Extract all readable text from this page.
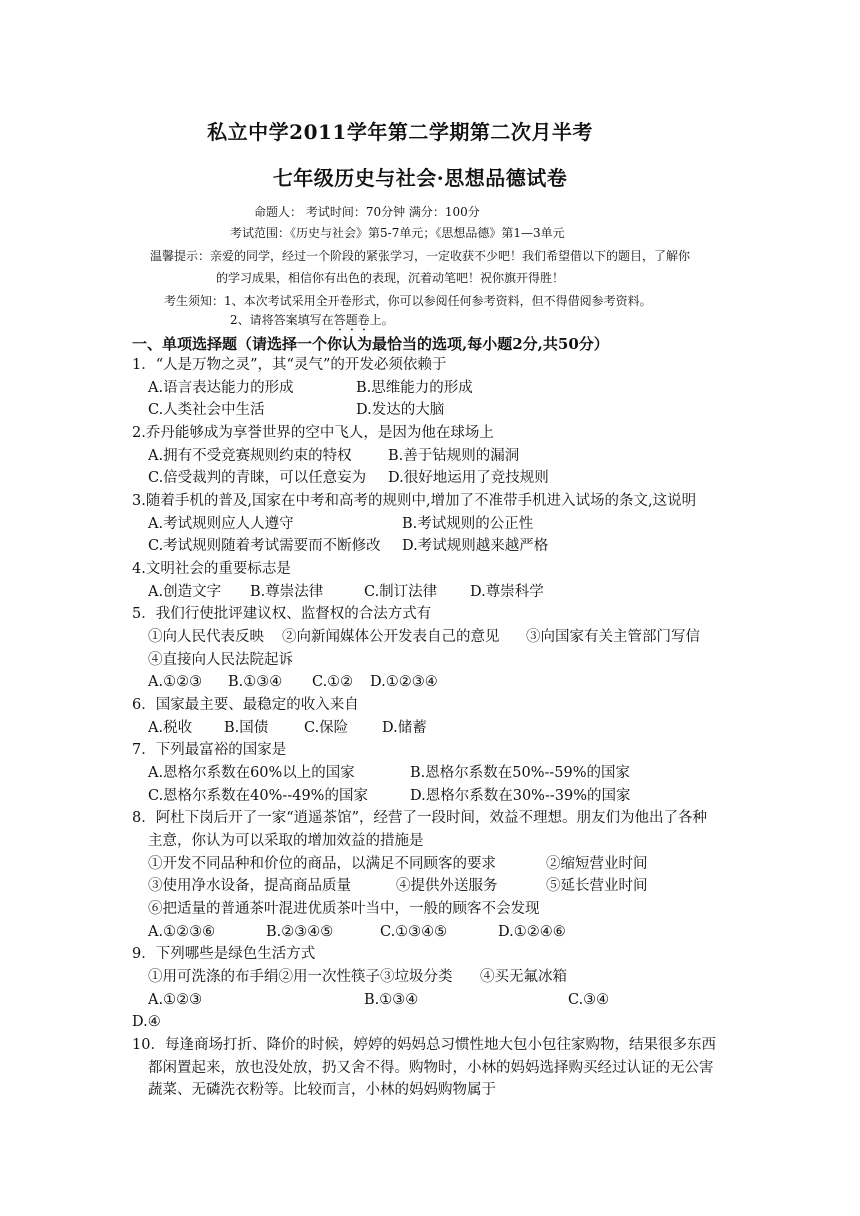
私立中学2011学年第二学期第二次月半考
七年级历史与社会·思想品德试卷
命题人： 考试时间：70分钟 满分：100分
考试范围：《历史与社会》第5-7单元；《思想品德》第1—3单元
温馨提示：亲爱的同学，经过一个阶段的紧张学习，一定收获不少吧！我们希望借以下的题目，了解你
的学习成果，相信你有出色的表现，沉着动笔吧！祝你旗开得胜！
考生须知：1、本次考试采用全开卷形式，你可以参阅任何参考资料，但不得借阅参考资料。
2、请将答案填写在答题卷上。
一、单项选择题（请选择一个你认为最恰当的选项,每小题2分,共50分）
1．“人是万物之灵”，其“灵气”的开发必须依赖于
A.语言表达能力的形成	B.思维能力的形成
C.人类社会中生活	D.发达的大脑
2.乔丹能够成为享誉世界的空中飞人，是因为他在球场上
A.拥有不受竞赛规则约束的特权	B.善于钻规则的漏洞
C.倍受裁判的青睐，可以任意妄为 D.很好地运用了竞技规则
3.随着手机的普及,国家在中考和高考的规则中,增加了不准带手机进入试场的条文,这说明
A.考试规则应人人遵守	B.考试规则的公正性
C.考试规则随着考试需要而不断修改 D.考试规则越来越严格
4.文明社会的重要标志是
A.创造文字 B.尊崇法律	C.制订法律 D.尊崇科学
5．我们行使批评建议权、监督权的合法方式有
①向人民代表反映 ②向新闻媒体公开发表自己的意见 ③向国家有关主管部门写信
④直接向人民法院起诉
A.①②③ B.①③④ C.①② D.①②③④
6．国家最主要、最稳定的收入来自
A.税收 B.国债 C.保险 D.储蓄
7．下列最富裕的国家是
A.恩格尔系数在60%以上的国家	B.恩格尔系数在50%--59%的国家
C.恩格尔系数在40%--49%的国家	D.恩格尔系数在30%--39%的国家
8．阿杜下岗后开了一家“逍遥茶馆”，经营了一段时间，效益不理想。朋友们为他出了各种
主意，你认为可以采取的增加效益的措施是
①开发不同品种和价位的商品，以满足不同顾客的要求	②缩短营业时间
③使用净水设备，提高商品质量	④提供外送服务	⑤延长营业时间
⑥把适量的普通茶叶混进优质茶叶当中，一般的顾客不会发现
A.①②③⑥	B.②③④⑤	C.①③④⑤	D.①②④⑥
9．下列哪些是绿色生活方式
①用可洗涤的布手绢②用一次性筷子③垃圾分类 ④买无氟冰箱
A.①②③	B.①③④	C.③④
D.④
10．每逢商场打折、降价的时候，婷婷的妈妈总习惯性地大包小包往家购物，结果很多东西
都闲置起来，放也没处放，扔又舍不得。购物时，小林的妈妈选择购买经过认证的无公害
蔬菜、无磷洗衣粉等。比较而言，小林的妈妈购物属于
